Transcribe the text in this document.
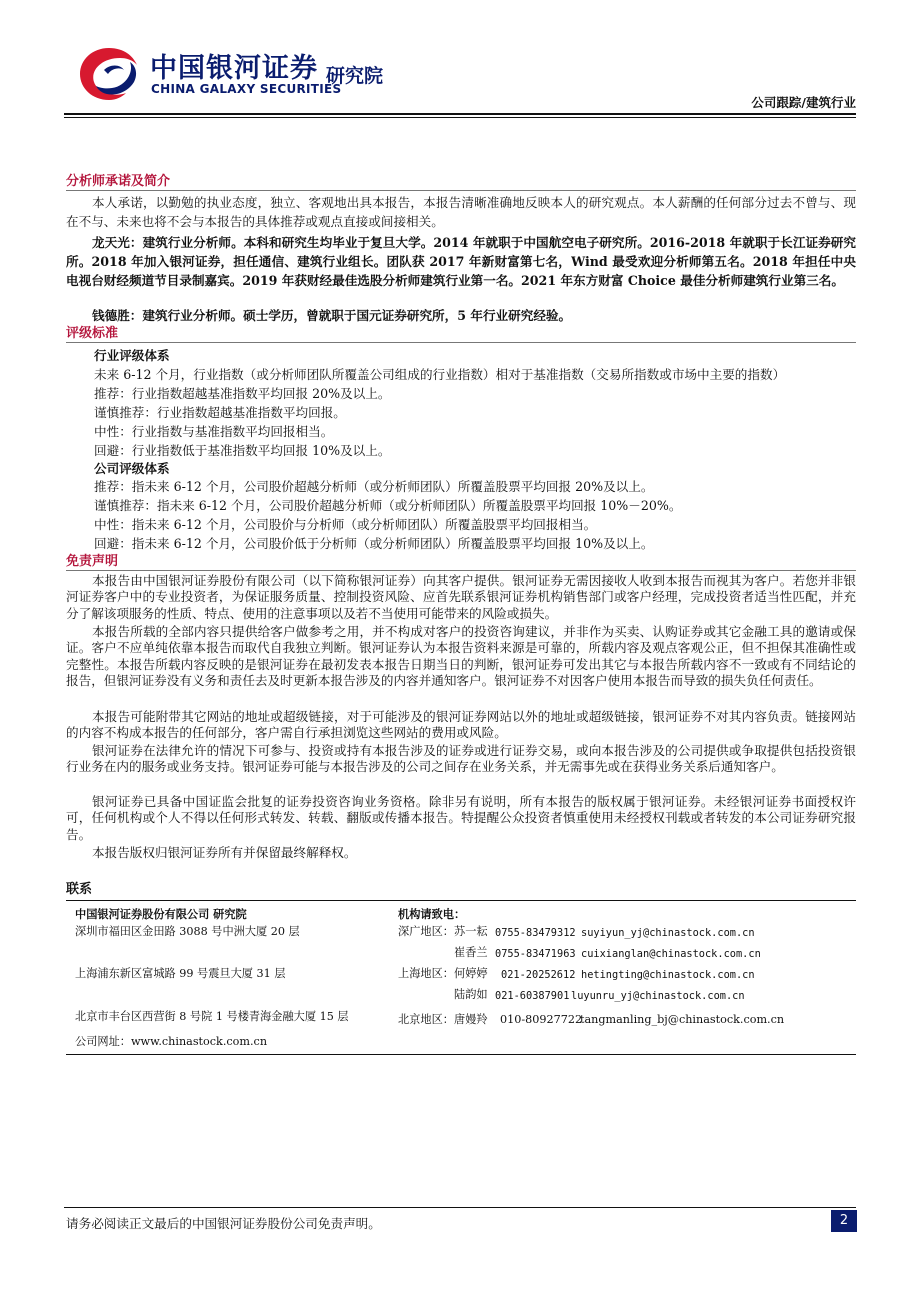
中国银河证券
CHINA GALAXY SECURITIES
研究院
公司跟踪/建筑行业
分析师承诺及简介
本人承诺，以勤勉的执业态度，独立、客观地出具本报告，本报告清晰准确地反映本人的研究观点。本人薪酬的任何部分过去不曾与、现在不与、未来也将不会与本报告的具体推荐或观点直接或间接相关。
龙天光：建筑行业分析师。本科和研究生均毕业于复旦大学。2014 年就职于中国航空电子研究所。2016-2018 年就职于长江证券研究所。2018 年加入银河证券，担任通信、建筑行业组长。团队获 2017 年新财富第七名，Wind 最受欢迎分析师第五名。2018 年担任中央电视台财经频道节目录制嘉宾。2019 年获财经最佳选股分析师建筑行业第一名。2021 年东方财富 Choice 最佳分析师建筑行业第三名。
钱德胜：建筑行业分析师。硕士学历，曾就职于国元证券研究所，5 年行业研究经验。
评级标准
行业评级体系
未来 6-12 个月，行业指数（或分析师团队所覆盖公司组成的行业指数）相对于基准指数（交易所指数或市场中主要的指数）
推荐：行业指数超越基准指数平均回报 20%及以上。
谨慎推荐：行业指数超越基准指数平均回报。
中性：行业指数与基准指数平均回报相当。
回避：行业指数低于基准指数平均回报 10%及以上。
公司评级体系
推荐：指未来 6-12 个月，公司股价超越分析师（或分析师团队）所覆盖股票平均回报 20%及以上。
谨慎推荐：指未来 6-12 个月，公司股价超越分析师（或分析师团队）所覆盖股票平均回报 10%－20%。
中性：指未来 6-12 个月，公司股价与分析师（或分析师团队）所覆盖股票平均回报相当。
回避：指未来 6-12 个月，公司股价低于分析师（或分析师团队）所覆盖股票平均回报 10%及以上。
免责声明
本报告由中国银河证券股份有限公司（以下简称银河证券）向其客户提供。银河证券无需因接收人收到本报告而视其为客户。若您并非银河证券客户中的专业投资者，为保证服务质量、控制投资风险、应首先联系银河证券机构销售部门或客户经理，完成投资者适当性匹配，并充分了解该项服务的性质、特点、使用的注意事项以及若不当使用可能带来的风险或损失。
本报告所载的全部内容只提供给客户做参考之用，并不构成对客户的投资咨询建议，并非作为买卖、认购证券或其它金融工具的邀请或保证。客户不应单纯依靠本报告而取代自我独立判断。银河证券认为本报告资料来源是可靠的，所载内容及观点客观公正，但不担保其准确性或完整性。本报告所载内容反映的是银河证券在最初发表本报告日期当日的判断，银河证券可发出其它与本报告所载内容不一致或有不同结论的报告，但银河证券没有义务和责任去及时更新本报告涉及的内容并通知客户。银河证券不对因客户使用本报告而导致的损失负任何责任。
本报告可能附带其它网站的地址或超级链接，对于可能涉及的银河证券网站以外的地址或超级链接，银河证券不对其内容负责。链接网站的内容不构成本报告的任何部分，客户需自行承担浏览这些网站的费用或风险。
银河证券在法律允许的情况下可参与、投资或持有本报告涉及的证券或进行证券交易，或向本报告涉及的公司提供或争取提供包括投资银行业务在内的服务或业务支持。银河证券可能与本报告涉及的公司之间存在业务关系，并无需事先或在获得业务关系后通知客户。
银河证券已具备中国证监会批复的证券投资咨询业务资格。除非另有说明，所有本报告的版权属于银河证券。未经银河证券书面授权许可，任何机构或个人不得以任何形式转发、转载、翻版或传播本报告。特提醒公众投资者慎重使用未经授权刊载或者转发的本公司证券研究报告。
本报告版权归银河证券所有并保留最终解释权。
联系
中国银河证券股份有限公司 研究院
深圳市福田区金田路 3088 号中洲大厦 20 层
上海浦东新区富城路 99 号震旦大厦 31 层
北京市丰台区西营街 8 号院 1 号楼青海金融大厦 15 层
公司网址：www.chinastock.com.cn
机构请致电：
深广地区： 苏一耘 0755-83479312 suyiyun_yj@chinastock.com.cn
崔香兰 0755-83471963 cuixianglan@chinastock.com.cn
上海地区： 何婷婷 021-20252612 hetingting@chinastock.com.cn
陆韵如 021-60387901 luyunru_yj@chinastock.com.cn
北京地区： 唐嫚羚 010-80927722
tangmanling_bj@chinastock.com.cn
请务必阅读正文最后的中国银河证券股份公司免责声明。	2
